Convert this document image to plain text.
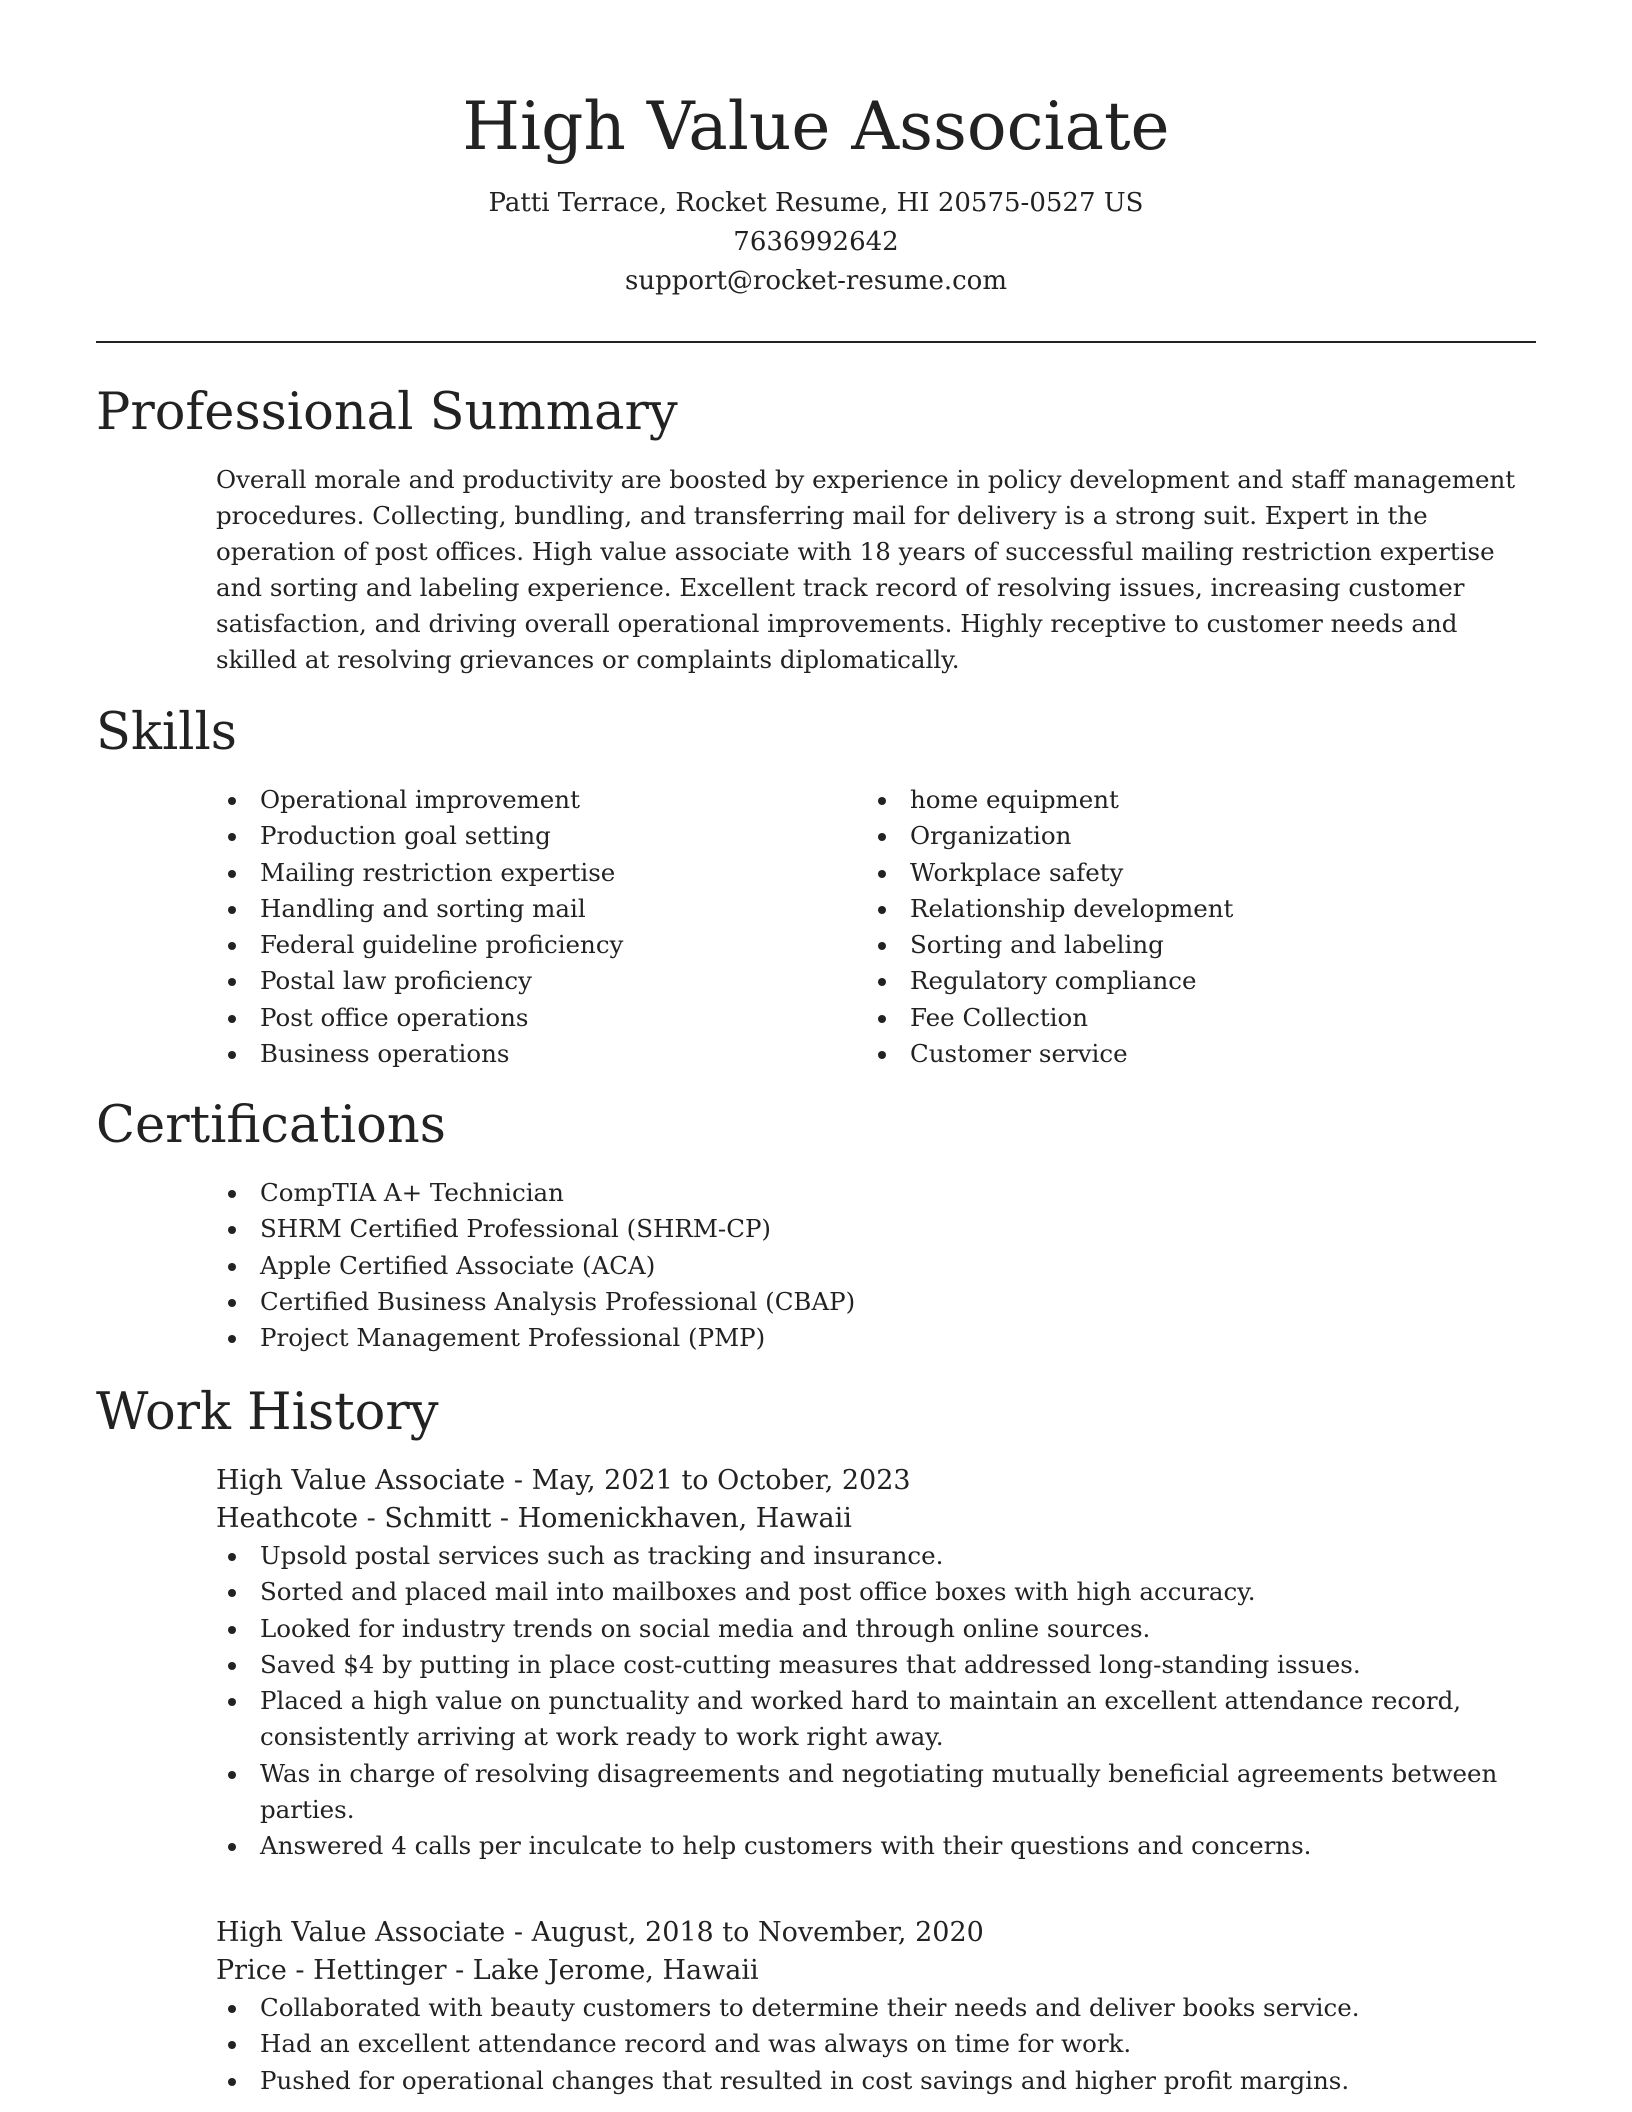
High Value Associate
Patti Terrace, Rocket Resume, HI 20575-0527 US
7636992642
support@rocket-resume.com
Professional Summary

Overall morale and productivity are boosted by experience in policy development and staff management procedures. Collecting, bundling, and transferring mail for delivery is a strong suit. Expert in the operation of post offices. High value associate with 18 years of successful mailing restriction expertise and sorting and labeling experience. Excellent track record of resolving issues, increasing customer satisfaction, and driving overall operational improvements. Highly receptive to customer needs and skilled at resolving grievances or complaints diplomatically.

Skills
Operational improvement
Production goal setting
Mailing restriction expertise
Handling and sorting mail
Federal guideline proficiency
Postal law proficiency
Post office operations
Business operations
home equipment
Organization
Workplace safety
Relationship development
Sorting and labeling
Regulatory compliance
Fee Collection
Customer service
Certifications
CompTIA A+ Technician
SHRM Certified Professional (SHRM-CP)
Apple Certified Associate (ACA)
Certified Business Analysis Professional (CBAP)
Project Management Professional (PMP)
Work History
High Value Associate - May, 2021 to October, 2023
Heathcote - Schmitt - Homenickhaven, Hawaii
Upsold postal services such as tracking and insurance.
Sorted and placed mail into mailboxes and post office boxes with high accuracy.
Looked for industry trends on social media and through online sources.
Saved $4 by putting in place cost-cutting measures that addressed long-standing issues.
Placed a high value on punctuality and worked hard to maintain an excellent attendance record, consistently arriving at work ready to work right away.
Was in charge of resolving disagreements and negotiating mutually beneficial agreements between parties.
Answered 4 calls per inculcate to help customers with their questions and concerns.
High Value Associate - August, 2018 to November, 2020
Price - Hettinger - Lake Jerome, Hawaii
Collaborated with beauty customers to determine their needs and deliver books service.
Had an excellent attendance record and was always on time for work.
Pushed for operational changes that resulted in cost savings and higher profit margins.
